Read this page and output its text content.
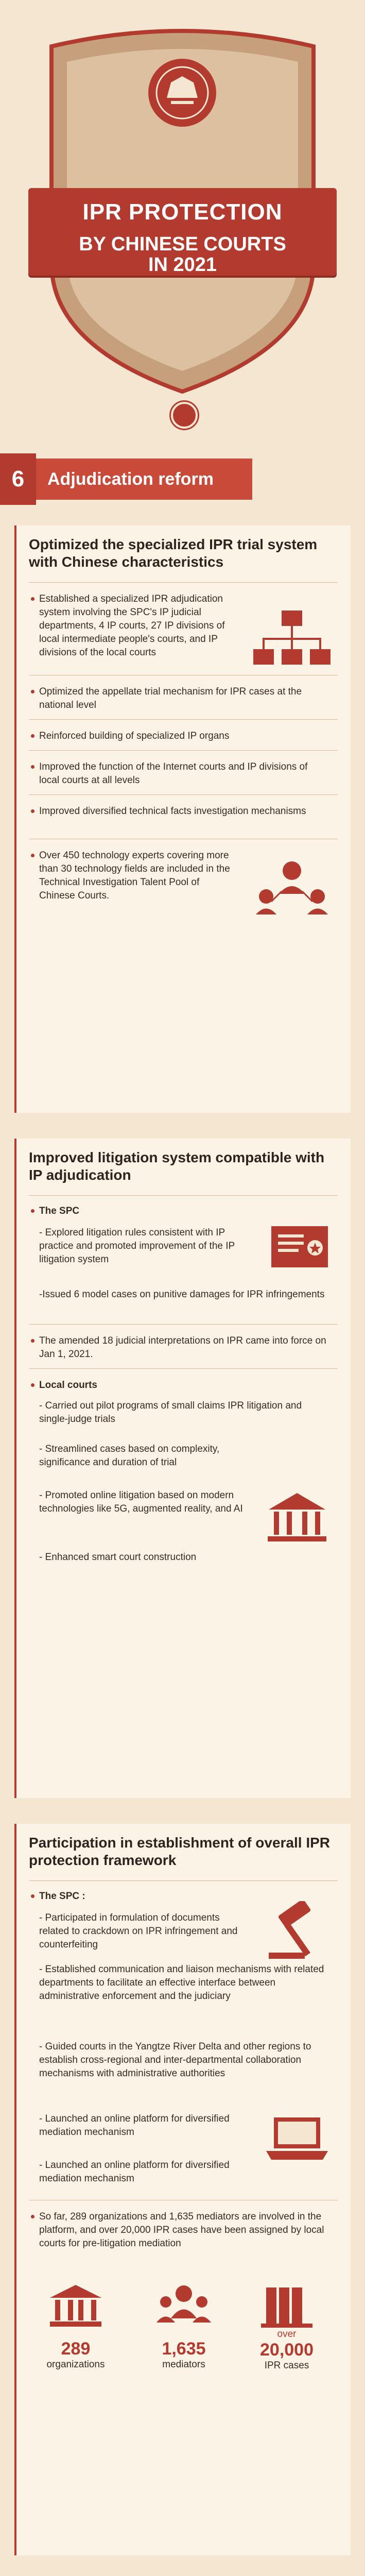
IPR PROTECTION
BY CHINESE COURTS
IN 2021
6	Adjudication reform
Optimized the specialized IPR trial system with Chinese characteristics
Established a specialized IPR adjudication system involving the SPC's IP judicial departments, 4 IP courts, 27 IP divisions of local intermediate people's courts, and IP divisions of the local courts
Optimized the appellate trial mechanism for IPR cases at the national level
Reinforced building of specialized IP organs
Improved the function of the Internet courts and IP divisions of local courts at all levels
Improved diversified technical facts investigation mechanisms
Over 450 technology experts covering more than 30 technology fields are included in the Technical Investigation Talent Pool of Chinese Courts.
Improved litigation system compatible with IP adjudication
The SPC
- Explored litigation rules consistent with IP practice and promoted improvement of the IP litigation system
-Issued 6 model cases on punitive damages for IPR infringements
The amended 18 judicial interpretations on IPR came into force on Jan 1, 2021.
Local courts
- Carried out pilot programs of small claims IPR litigation and single-judge trials
- Streamlined cases based on complexity, significance and duration of trial
- Promoted online litigation based on modern technologies like 5G, augmented reality, and AI
- Enhanced smart court construction
Participation in establishment of overall IPR protection framework
The SPC :
- Participated in formulation of documents related to crackdown on IPR infringement and counterfeiting
- Established communication and liaison mechanisms with related departments to facilitate an effective interface between administrative enforcement and the judiciary
- Guided courts in the Yangtze River Delta and other regions to establish cross-regional and inter-departmental collaboration mechanisms with administrative authorities
- Launched an online platform for diversified mediation mechanism
- Launched an online platform for diversified mediation mechanism
So far, 289 organizations and 1,635 mediators are involved in the platform, and over 20,000 IPR cases have been assigned by local courts for pre-litigation mediation
289
organizations
1,635
mediators
over
20,000
IPR cases
